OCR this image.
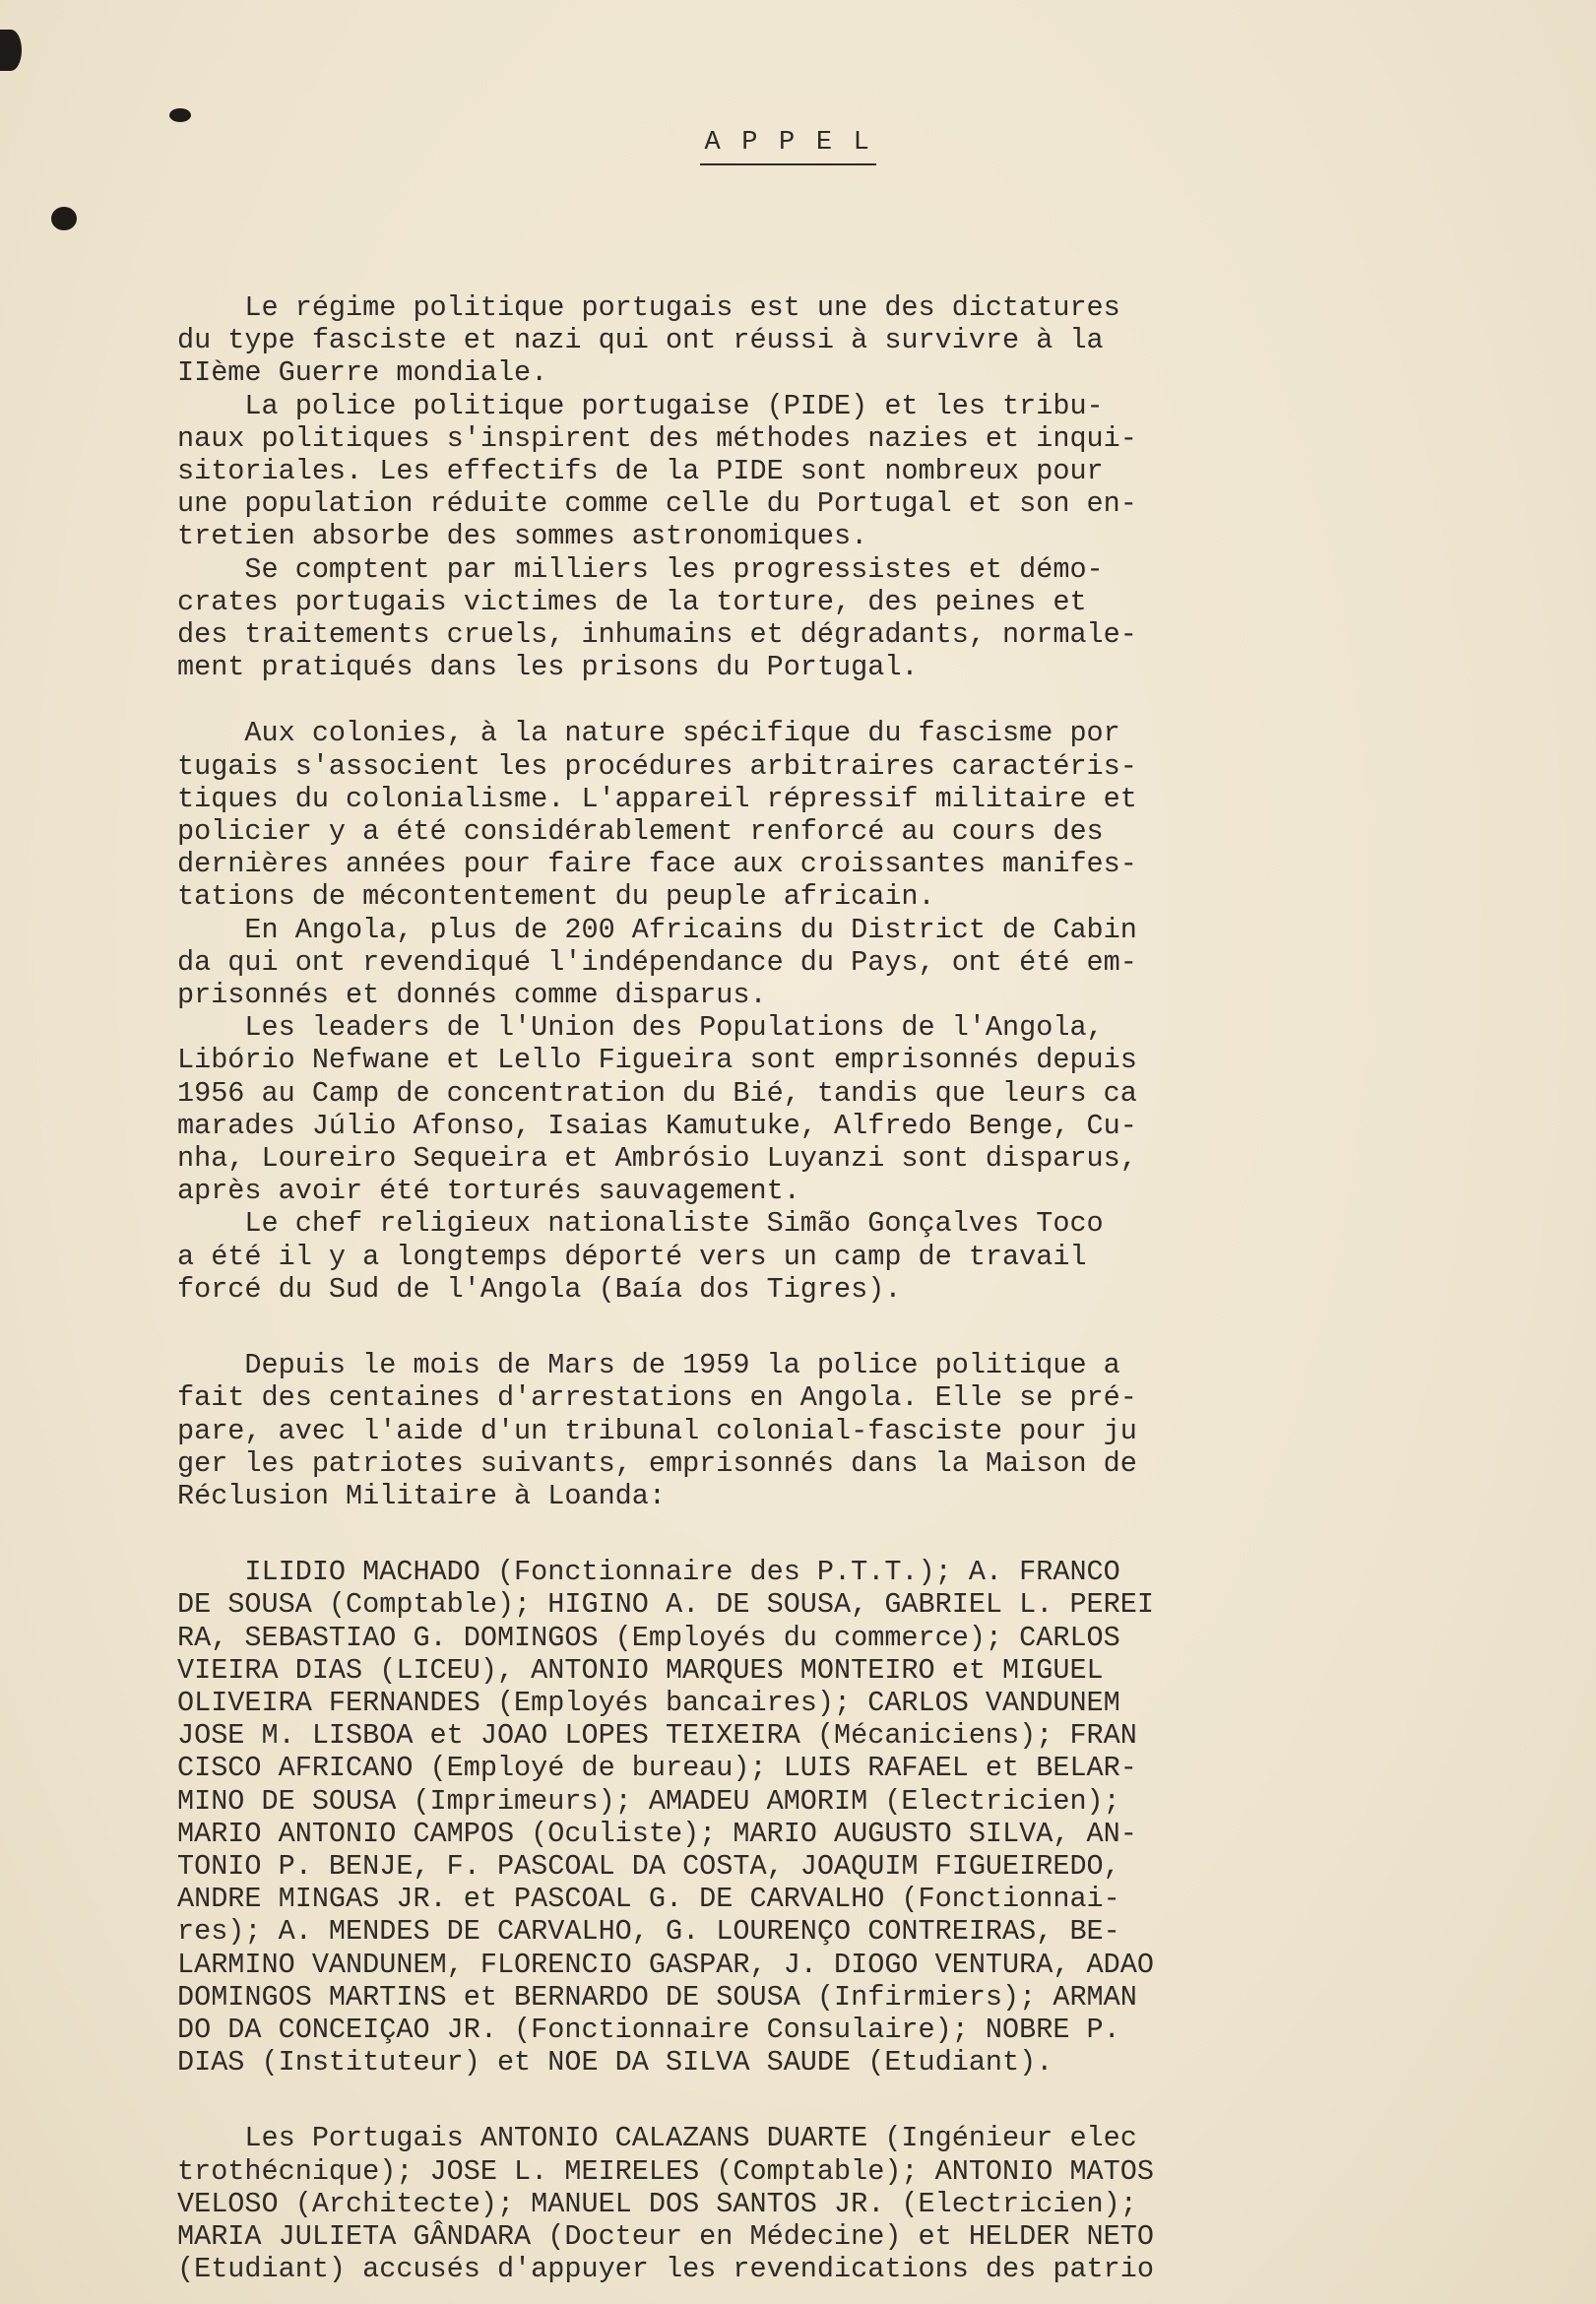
A P P E L
Le régime politique portugais est une des dictatures
du type fasciste et nazi qui ont réussi à survivre à la
IIème Guerre mondiale.
La police politique portugaise (PIDE) et les tribu-
naux politiques s'inspirent des méthodes nazies et inqui-
sitoriales. Les effectifs de la PIDE sont nombreux pour
une population réduite comme celle du Portugal et son en-
tretien absorbe des sommes astronomiques.
Se comptent par milliers les progressistes et démo-
crates portugais victimes de la torture, des peines et
des traitements cruels, inhumains et dégradants, normale-
ment pratiqués dans les prisons du Portugal.
Aux colonies, à la nature spécifique du fascisme por
tugais s'associent les procédures arbitraires caractéris-
tiques du colonialisme. L'appareil répressif militaire et
policier y a été considérablement renforcé au cours des
dernières années pour faire face aux croissantes manifes-
tations de mécontentement du peuple africain.
En Angola, plus de 200 Africains du District de Cabin
da qui ont revendiqué l'indépendance du Pays, ont été em-
prisonnés et donnés comme disparus.
Les leaders de l'Union des Populations de l'Angola,
Libório Nefwane et Lello Figueira sont emprisonnés depuis
1956 au Camp de concentration du Bié, tandis que leurs ca
marades Júlio Afonso, Isaias Kamutuke, Alfredo Benge, Cu-
nha, Loureiro Sequeira et Ambrósio Luyanzi sont disparus,
après avoir été torturés sauvagement.
Le chef religieux nationaliste Simão Gonçalves Toco
a été il y a longtemps déporté vers un camp de travail
forcé du Sud de l'Angola (Baía dos Tigres).
Depuis le mois de Mars de 1959 la police politique a
fait des centaines d'arrestations en Angola. Elle se pré-
pare, avec l'aide d'un tribunal colonial-fasciste pour ju
ger les patriotes suivants, emprisonnés dans la Maison de
Réclusion Militaire à Loanda:
ILIDIO MACHADO (Fonctionnaire des P.T.T.); A. FRANCO
DE SOUSA (Comptable); HIGINO A. DE SOUSA, GABRIEL L. PEREI
RA, SEBASTIAO G. DOMINGOS (Employés du commerce); CARLOS
VIEIRA DIAS (LICEU), ANTONIO MARQUES MONTEIRO et MIGUEL
OLIVEIRA FERNANDES (Employés bancaires); CARLOS VANDUNEM
JOSE M. LISBOA et JOAO LOPES TEIXEIRA (Mécaniciens); FRAN
CISCO AFRICANO (Employé de bureau); LUIS RAFAEL et BELAR-
MINO DE SOUSA (Imprimeurs); AMADEU AMORIM (Electricien);
MARIO ANTONIO CAMPOS (Oculiste); MARIO AUGUSTO SILVA, AN-
TONIO P. BENJE, F. PASCOAL DA COSTA, JOAQUIM FIGUEIREDO,
ANDRE MINGAS JR. et PASCOAL G. DE CARVALHO (Fonctionnai-
res); A. MENDES DE CARVALHO, G. LOURENÇO CONTREIRAS, BE-
LARMINO VANDUNEM, FLORENCIO GASPAR, J. DIOGO VENTURA, ADAO
DOMINGOS MARTINS et BERNARDO DE SOUSA (Infirmiers); ARMAN
DO DA CONCEIÇAO JR. (Fonctionnaire Consulaire); NOBRE P.
DIAS (Instituteur) et NOE DA SILVA SAUDE (Etudiant).
Les Portugais ANTONIO CALAZANS DUARTE (Ingénieur elec
trothécnique); JOSE L. MEIRELES (Comptable); ANTONIO MATOS
VELOSO (Architecte); MANUEL DOS SANTOS JR. (Electricien);
MARIA JULIETA GÂNDARA (Docteur en Médecine) et HELDER NETO
(Etudiant) accusés d'appuyer les revendications des patrio
